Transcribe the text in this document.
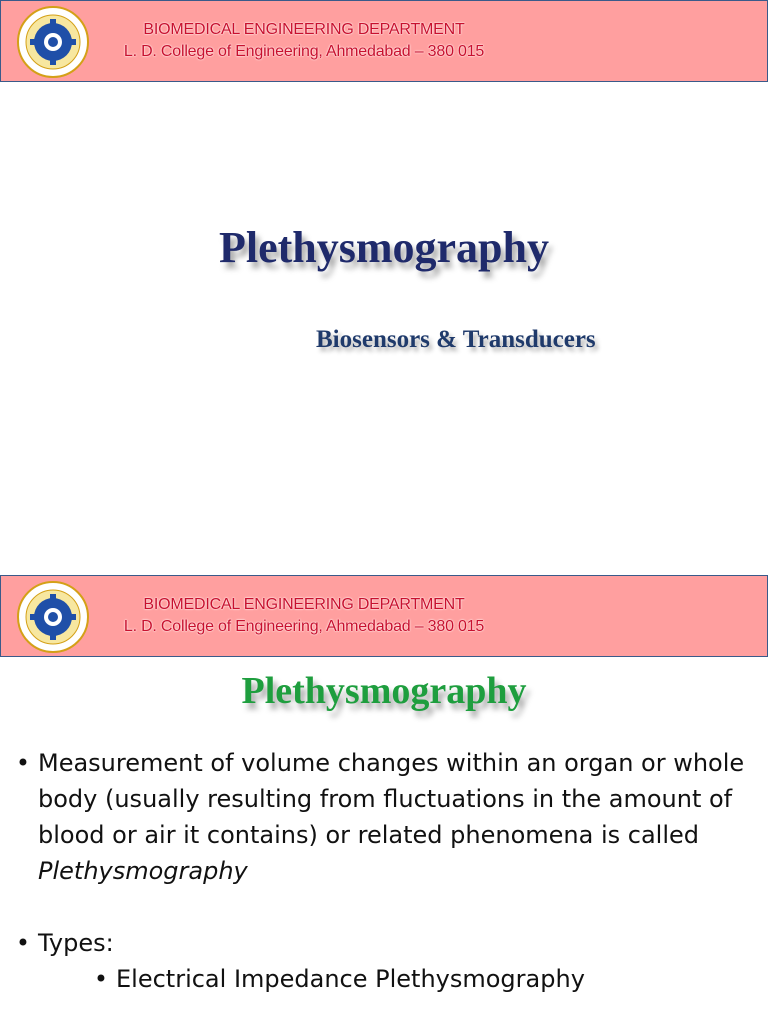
BIOMEDICAL ENGINEERING DEPARTMENT
L. D. College of Engineering, Ahmedabad – 380 015
Plethysmography
Biosensors & Transducers
BIOMEDICAL ENGINEERING DEPARTMENT
L. D. College of Engineering, Ahmedabad – 380 015
Plethysmography
• Measurement of volume changes within an organ or whole body (usually resulting from fluctuations in the amount of blood or air it contains) or related phenomena is called Plethysmography
• Types:
• Electrical Impedance Plethysmography
